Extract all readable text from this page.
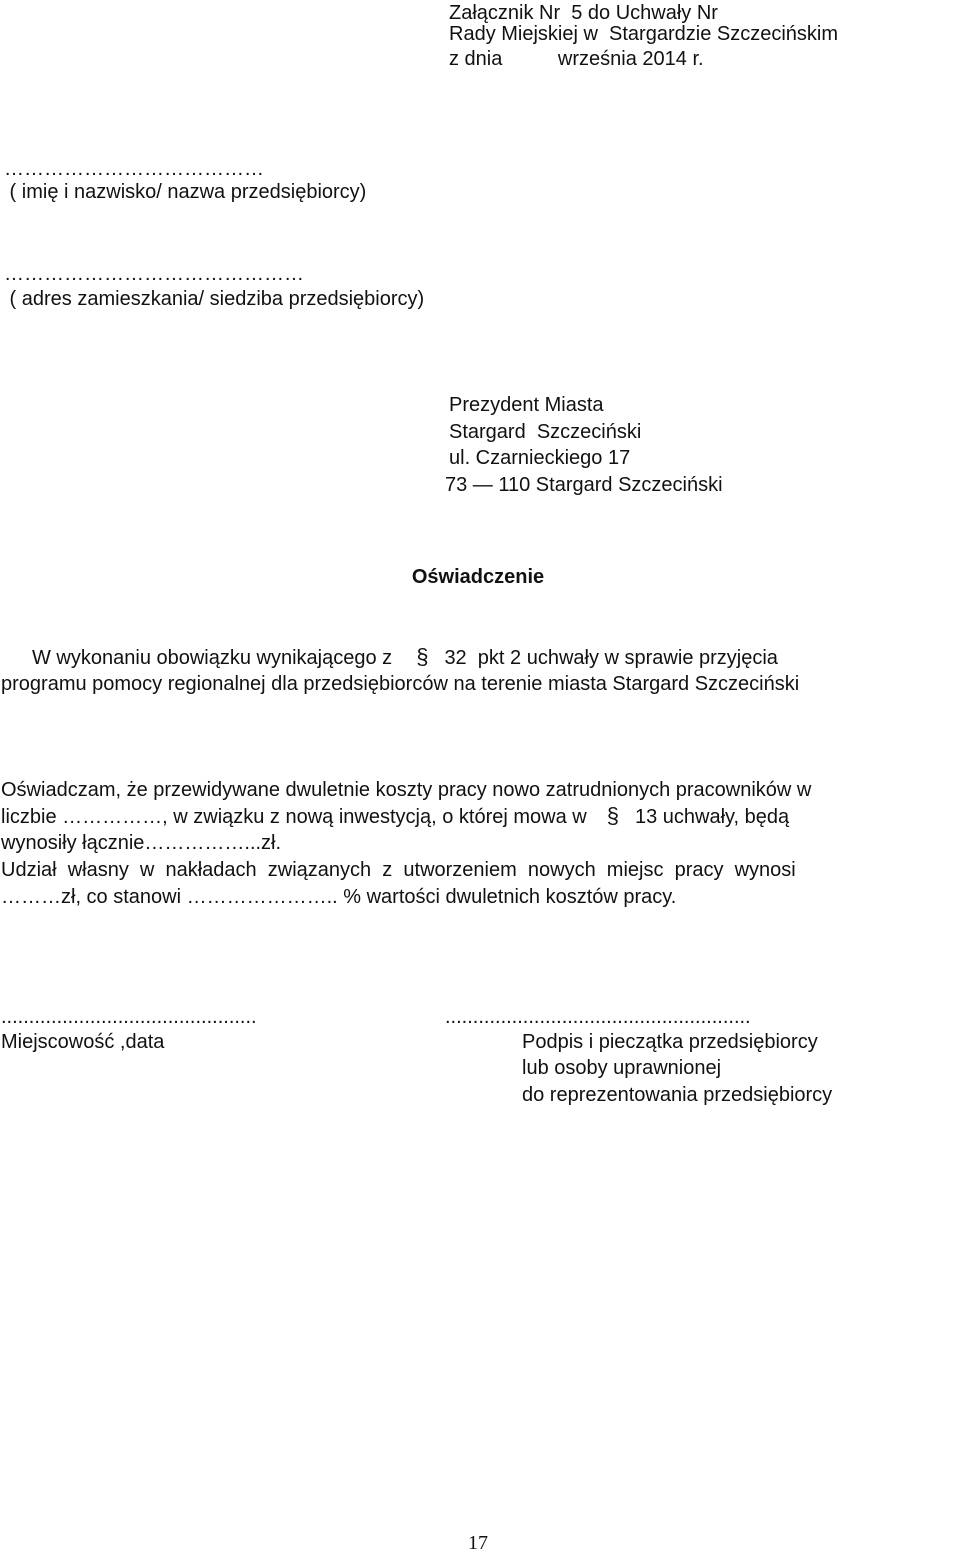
Załącznik Nr  5 do Uchwały Nr
Rady Miejskiej w  Stargardzie Szczecińskim
z dnia          września 2014 r.
…………………………………
( imię i nazwisko/ nazwa przedsiębiorcy)
………………………………………
( adres zamieszkania/ siedziba przedsiębiorcy)
Prezydent Miasta
Stargard  Szczeciński
ul. Czarnieckiego 17
73 — 110 Stargard Szczeciński
Oświadczenie
W wykonaniu obowiązku wynikającego z § 32  pkt 2 uchwały w sprawie przyjęcia
programu pomocy regionalnej dla przedsiębiorców na terenie miasta Stargard Szczeciński
Oświadczam, że przewidywane dwuletnie koszty pracy nowo zatrudnionych pracowników w
liczbie ……………, w związku z nową inwestycją, o której mowa w § 13 uchwały, będą
wynosiły łącznie……………...zł.
Udział  własny  w  nakładach  związanych  z  utworzeniem  nowych  miejsc  pracy  wynosi
………zł, co stanowi ………………….. % wartości dwuletnich kosztów pracy.
..............................................
Miejscowość ,data
.......................................................
Podpis i pieczątka przedsiębiorcy
lub osoby uprawnionej
do reprezentowania przedsiębiorcy
17
